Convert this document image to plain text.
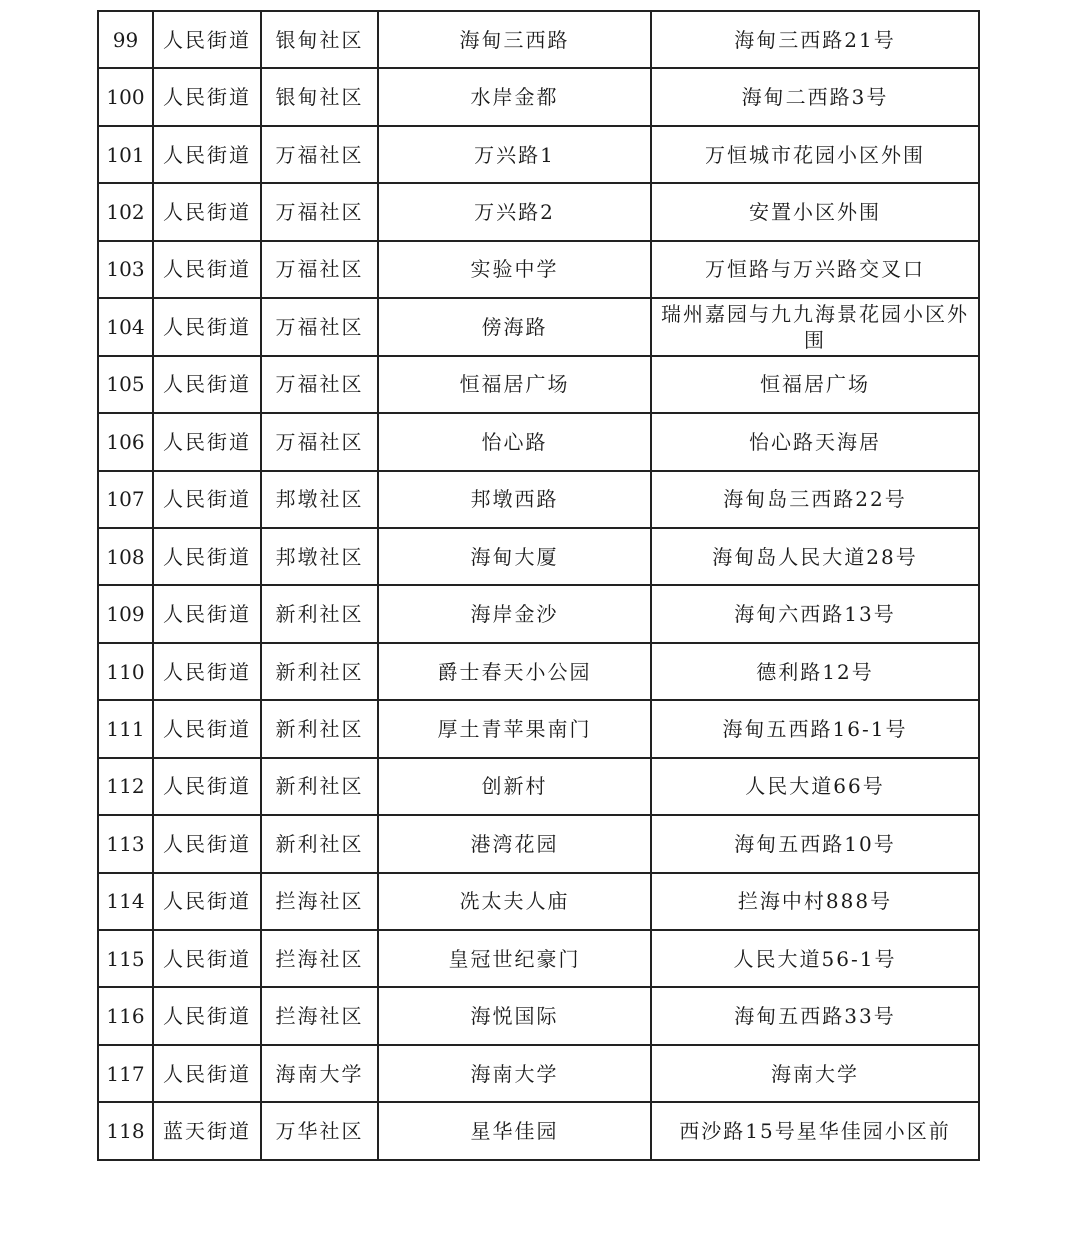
99	人民街道	银甸社区	海甸三西路	海甸三西路21号
100	人民街道	银甸社区	水岸金都	海甸二西路3号
101	人民街道	万福社区	万兴路1	万恒城市花园小区外围
102	人民街道	万福社区	万兴路2	安置小区外围
103	人民街道	万福社区	实验中学	万恒路与万兴路交叉口
104	人民街道	万福社区	傍海路	瑞州嘉园与九九海景花园小区外围
105	人民街道	万福社区	恒福居广场	恒福居广场
106	人民街道	万福社区	怡心路	怡心路天海居
107	人民街道	邦墩社区	邦墩西路	海甸岛三西路22号
108	人民街道	邦墩社区	海甸大厦	海甸岛人民大道28号
109	人民街道	新利社区	海岸金沙	海甸六西路13号
110	人民街道	新利社区	爵士春天小公园	德利路12号
111	人民街道	新利社区	厚土青苹果南门	海甸五西路16-1号
112	人民街道	新利社区	创新村	人民大道66号
113	人民街道	新利社区	港湾花园	海甸五西路10号
114	人民街道	拦海社区	冼太夫人庙	拦海中村888号
115	人民街道	拦海社区	皇冠世纪豪门	人民大道56-1号
116	人民街道	拦海社区	海悦国际	海甸五西路33号
117	人民街道	海南大学	海南大学	海南大学
118	蓝天街道	万华社区	星华佳园	西沙路15号星华佳园小区前
